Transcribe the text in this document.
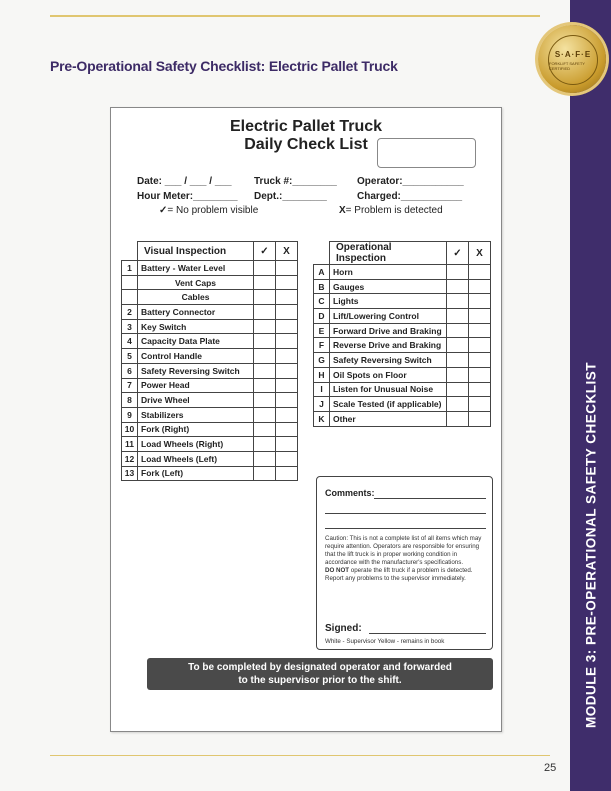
Pre-Operational Safety Checklist: Electric Pallet Truck
MODULE 3: PRE-OPERATIONAL SAFETY CHECKLIST
S·A·F·E
FORKLIFT SAFETY CERTIFIED
Electric Pallet Truck
Daily Check List
Date: ___ / ___ / ___ Truck #:________ Operator:___________
Hour Meter:________ Dept.:________	Charged:___________
✓= No problem visible	X= Problem is detected
	Visual Inspection	✓	X
1	Battery - Water Level		
	Vent Caps		
	Cables		
2	Battery Connector		
3	Key Switch		
4	Capacity Data Plate		
5	Control Handle		
6	Safety Reversing Switch		
7	Power Head		
8	Drive Wheel		
9	Stabilizers		
10	Fork (Right)		
11	Load Wheels (Right)		
12	Load Wheels (Left)		
13	Fork (Left)		
	Operational Inspection	✓	X
A	Horn		
B	Gauges		
C	Lights		
D	Lift/Lowering Control		
E	Forward Drive and Braking		
F	Reverse Drive and Braking		
G	Safety Reversing Switch		
H	Oil Spots on Floor		
I	Listen for Unusual Noise		
J	Scale Tested (if applicable)		
K	Other		
Comments:
Caution: This is not a complete list of all items which may require attention. Operators are responsible for ensuring that the lift truck is in proper working condition in accordance with the manufacturer's specifications.
DO NOT operate the lift truck if a problem is detected. Report any problems to the supervisor immediately.
Signed:
White - Supervisor Yellow - remains in book
To be completed by designated operator and forwarded
to the supervisor prior to the shift.
25
